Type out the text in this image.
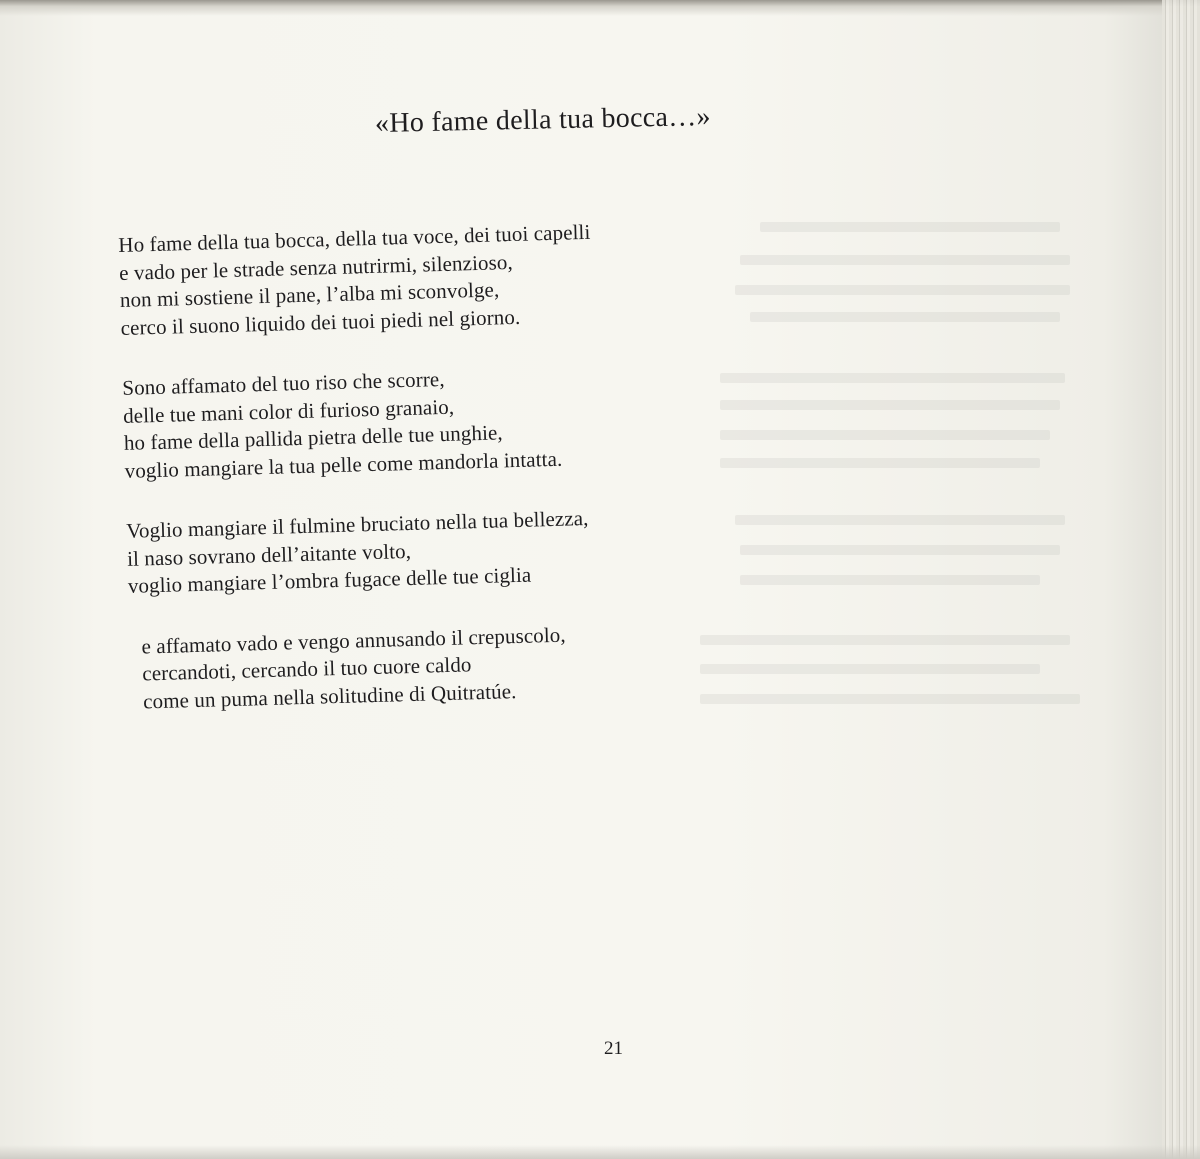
«Ho fame della tua bocca…»
Ho fame della tua bocca, della tua voce, dei tuoi capelli
e vado per le strade senza nutrirmi, silenzioso,
non mi sostiene il pane, l’alba mi sconvolge,
cerco il suono liquido dei tuoi piedi nel giorno.
Sono affamato del tuo riso che scorre,
delle tue mani color di furioso granaio,
ho fame della pallida pietra delle tue unghie,
voglio mangiare la tua pelle come mandorla intatta.
Voglio mangiare il fulmine bruciato nella tua bellezza,
il naso sovrano dell’aitante volto,
voglio mangiare l’ombra fugace delle tue ciglia
e affamato vado e vengo annusando il crepuscolo,
cercandoti, cercando il tuo cuore caldo
come un puma nella solitudine di Quitratúe.
21
